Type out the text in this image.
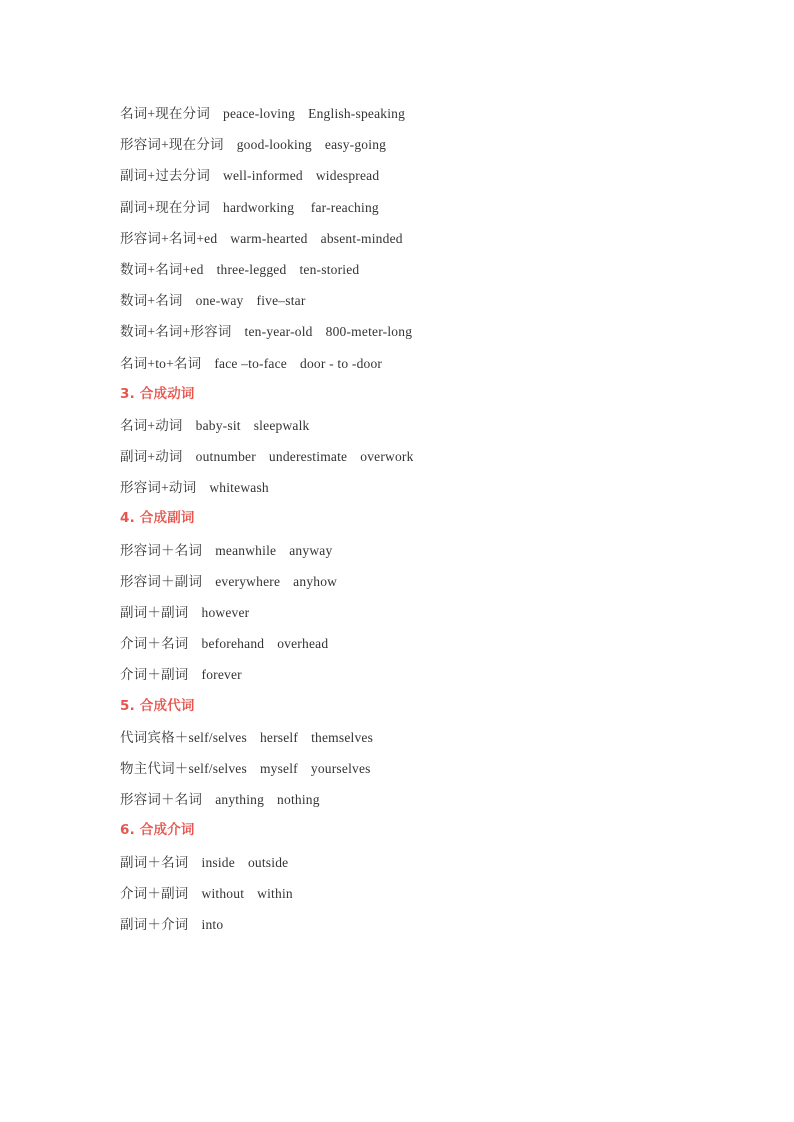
名词+现在分词 peace-loving English-speaking
形容词+现在分词 good-looking easy-going
副词+过去分词 well-informed widespread
副词+现在分词 hardworking far-reaching
形容词+名词+ed warm-hearted absent-minded
数词+名词+ed three-legged ten-storied
数词+名词 one-way five–star
数词+名词+形容词 ten-year-old 800-meter-long
名词+to+名词 face –to-face door - to -door
3. 合成动词
名词+动词 baby-sit sleepwalk
副词+动词 outnumber underestimate overwork
形容词+动词 whitewash
4. 合成副词
形容词＋名词 meanwhile anyway
形容词＋副词 everywhere anyhow
副词＋副词 however
介词＋名词 beforehand overhead
介词＋副词 forever
5. 合成代词
代词宾格＋self/selves herself themselves
物主代词＋self/selves myself yourselves
形容词＋名词 anything nothing
6. 合成介词
副词＋名词 inside outside
介词＋副词 without within
副词＋介词 into
